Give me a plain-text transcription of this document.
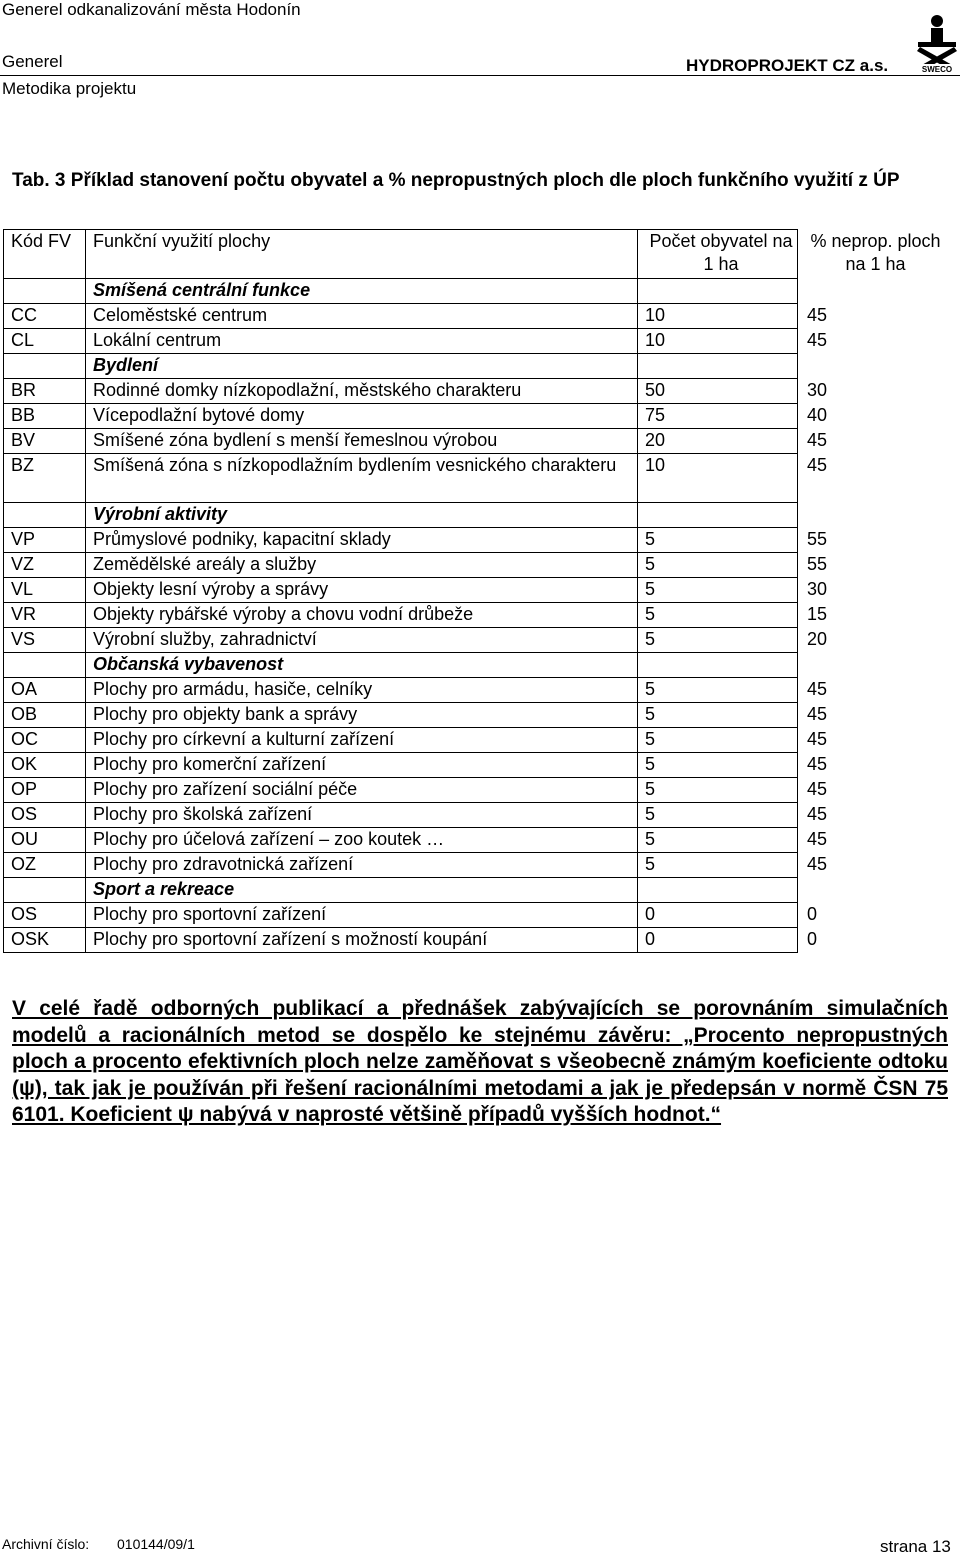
Generel odkanalizování města Hodonín
Generel
Metodika projektu
HYDROPROJEKT CZ a.s.	SWECO
Tab. 3 Příklad stanovení počtu obyvatel a % nepropustných ploch dle ploch funkčního využití z ÚP
Kód FV	Funkční využití plochy	Počet obyvatel na 1 ha	% neprop. ploch na 1 ha
	Smíšená centrální funkce		
CC	Celoměstské centrum	10	45
CL	Lokální centrum	10	45
	Bydlení		
BR	Rodinné domky nízkopodlažní, městského charakteru	50	30
BB	Vícepodlažní bytové domy	75	40
BV	Smíšené zóna bydlení s menší řemeslnou výrobou	20	45
BZ	Smíšená zóna s nízkopodlažním bydlením vesnického charakteru	10	45
	Výrobní aktivity		
VP	Průmyslové podniky, kapacitní sklady	5	55
VZ	Zemědělské areály a služby	5	55
VL	Objekty lesní výroby a správy	5	30
VR	Objekty rybářské výroby a chovu vodní drůbeže	5	15
VS	Výrobní služby, zahradnictví	5	20
	Občanská vybavenost		
OA	Plochy pro armádu, hasiče, celníky	5	45
OB	Plochy pro objekty bank a správy	5	45
OC	Plochy pro církevní a kulturní zařízení	5	45
OK	Plochy pro komerční zařízení	5	45
OP	Plochy pro zařízení sociální péče	5	45
OS	Plochy pro školská zařízení	5	45
OU	Plochy pro účelová zařízení – zoo koutek …	5	45
OZ	Plochy pro zdravotnická zařízení	5	45
	Sport a rekreace		
OS	Plochy pro sportovní zařízení	0	0
OSK	Plochy pro sportovní zařízení s možností koupání	0	0
V celé řadě odborných publikací a přednášek zabývajících se porovnáním simulačních modelů a racionálních metod se dospělo ke stejnému závěru: „Procento nepropustných ploch a procento efektivních ploch nelze zaměňovat s všeobecně známým koeficiente odtoku (ψ), tak jak je používán při řešení racionálními metodami a jak je předepsán v normě ČSN 75 6101. Koeficient ψ nabývá v naprosté většině případů vyšších hodnot.“
Archivní číslo: 010144/09/1	strana 13
